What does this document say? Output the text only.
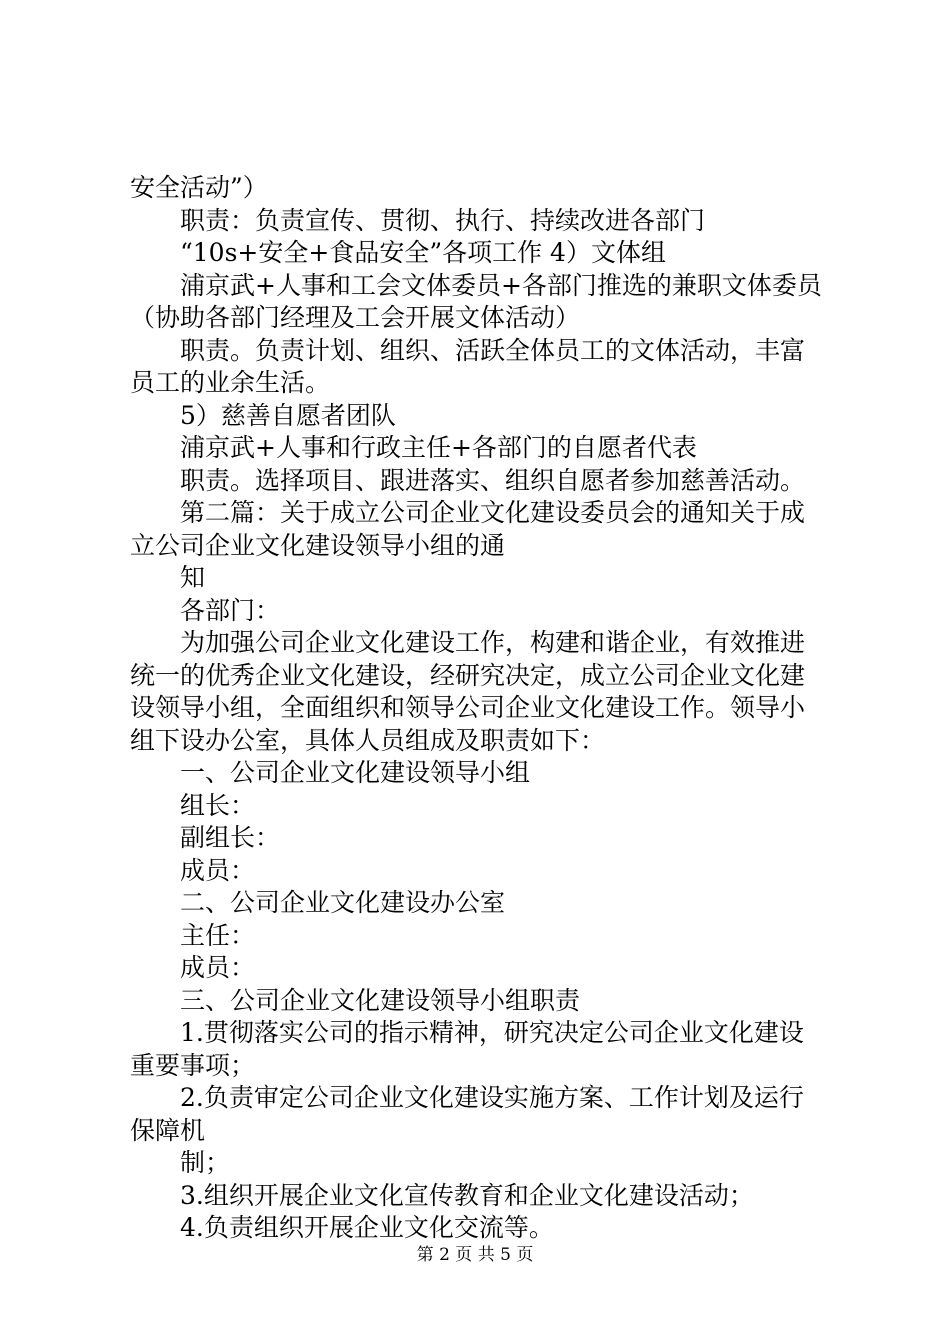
安全活动”）
职责：负责宣传、贯彻、执行、持续改进各部门
“10s+安全+食品安全”各项工作 4）文体组
浦京武+人事和工会文体委员+各部门推选的兼职文体委员
（协助各部门经理及工会开展文体活动）
职责。负责计划、组织、活跃全体员工的文体活动，丰富
员工的业余生活。
5）慈善自愿者团队
浦京武+人事和行政主任+各部门的自愿者代表
职责。选择项目、跟进落实、组织自愿者参加慈善活动。
第二篇：关于成立公司企业文化建设委员会的通知关于成
立公司企业文化建设领导小组的通
知
各部门：
为加强公司企业文化建设工作，构建和谐企业，有效推进
统一的优秀企业文化建设，经研究决定，成立公司企业文化建
设领导小组，全面组织和领导公司企业文化建设工作。领导小
组下设办公室，具体人员组成及职责如下：
一、公司企业文化建设领导小组
组长：
副组长：
成员：
二、公司企业文化建设办公室
主任：
成员：
三、公司企业文化建设领导小组职责
1.贯彻落实公司的指示精神，研究决定公司企业文化建设
重要事项；
2.负责审定公司企业文化建设实施方案、工作计划及运行
保障机
制；
3.组织开展企业文化宣传教育和企业文化建设活动；
4.负责组织开展企业文化交流等。
第 2 页 共 5 页
